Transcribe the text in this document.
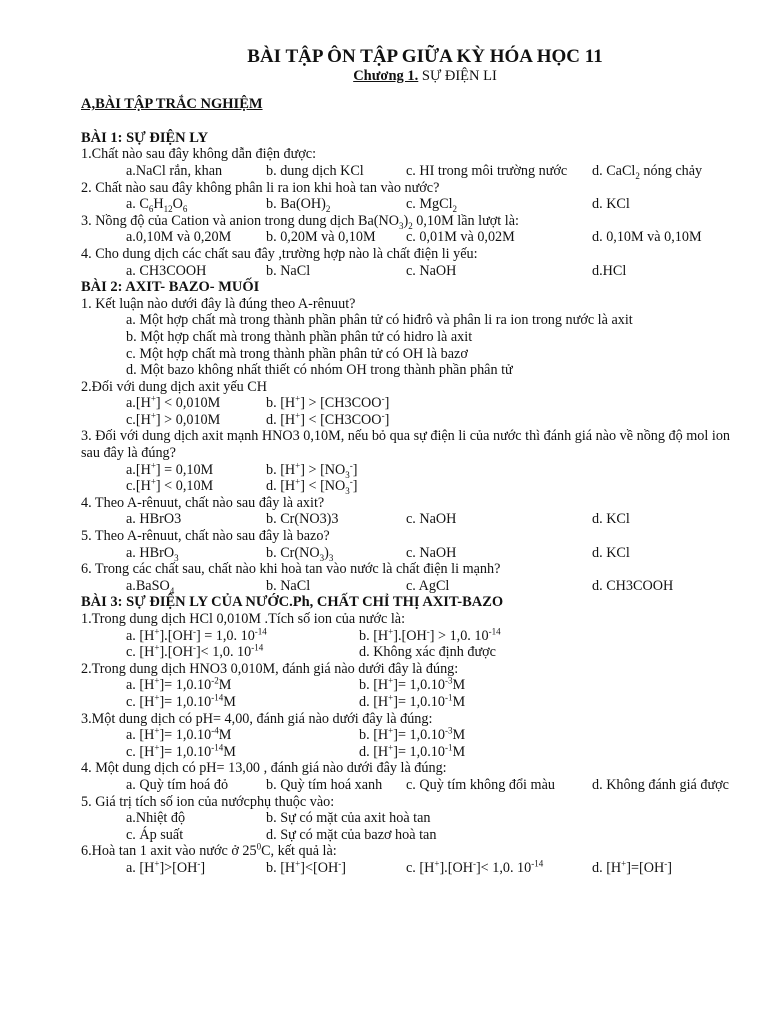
BÀI TẬP ÔN TẬP GIỮA KỲ HÓA HỌC 11
Chương 1. SỰ ĐIỆN LI
A,BÀI TẬP TRẮC NGHIỆM
BÀI 1: SỰ ĐIỆN LY
1.Chất nào sau đây không dẫn điện được:
a.NaCl rắn, khan	b. dung dịch KCl	c. HI trong môi trường nước	d. CaCl$_2$ nóng chảy
2. Chất nào sau đây không phân li ra ion khi hoà tan vào nước?
a. $C_6H_{12}O_6$	b. $Ba(OH)_2$	c. MgCl$_2$	d. KCl
3. Nồng độ của Cation và anion trong dung dịch $Ba(NO_3)_2$ 0,10M lần lượt là:
a.0,10M và 0,20M	b. 0,20M và 0,10M	c. 0,01M và 0,02M	d. 0,10M và 0,10M
4. Cho dung dịch các chất sau đây ,trường hợp nào là chất điện li yếu:
a. CH3COOH	b. NaCl	c. NaOH	d.HCl
BÀI 2: AXIT- BAZO- MUỐI
1. Kết luận nào dưới đây là đúng theo A-rênuut?
a. Một hợp chất mà trong thành phần phân tử có hiđrô và phân li ra ion trong nước là axit
b. Một hợp chất mà trong thành phần phân tử có hidro là axit
c. Một hợp chất mà trong thành phần phân tử có OH là bazơ
d. Một bazo không nhất thiết có nhóm OH trong thành phần phân tử
2.Đối với dung dịch axit yếu CH
a.[H+] < 0,010M	b. [H+] > [CH3COO-]
c.[H+] > 0,010M	d. [H+] < [CH3COO-]
3. Đối với dung dịch axit mạnh HNO3 0,10M, nếu bỏ qua sự điện li của nước thì đánh giá nào về nồng độ mol ion sau đây là đúng?
a.[H+] = 0,10M	b. $[H^+] > [NO_3^-]$
c.[H+] < 0,10M	d. $[H^+] < [NO_3^-]$
4. Theo A-rênuut, chất nào sau đây là axit?
a. HBrO3	b. Cr(NO3)3	c. NaOH	d. KCl
5. Theo A-rênuut, chất nào sau đây là bazo?
a. HBrO$_3$	b. $Cr(NO_3)_3$	c. NaOH	d. KCl
6. Trong các chất sau, chất nào khi hoà tan vào nước là chất điện li mạnh?
a.BaSO$_4$	b. NaCl	c. AgCl	d. CH3COOH
BÀI 3: SỰ ĐIỆN LY CỦA NƯỚC.Ph, CHẤT CHỈ THỊ AXIT-BAZO
1.Trong dung dịch HCl 0,010M .Tích số ion của nước là:
a. [H+].[OH-] = 1,0. $10^{-14}$	b. [H+].[OH-] > 1,0. $10^{-14}$
c. [H+].[OH-]< 1,0. $10^{-14}$	d. Không xác định được
2.Trong dung dịch HNO3 0,010M, đánh giá nào dưới đây là đúng:
a. $[H^+]= 1,0.10^{-2}M$	b. $[H^+]= 1,0.10^{-3}M$
c. $[H^+]= 1,0.10^{-14}M$	d. $[H^+]= 1,0.10^{-1}M$
3.Một dung dịch có pH= 4,00, đánh giá nào dưới đây là đúng:
a. $[H^+]= 1,0.10^{-4}M$	b. $[H^+]= 1,0.10^{-3}M$
c. $[H^+]= 1,0.10^{-14}M$	d. $[H^+]= 1,0.10^{-1}M$
4. Một dung dịch có pH= 13,00 , đánh giá nào dưới đây là đúng:
a. Quỳ tím hoá đỏ	b. Quỳ tím hoá xanh	c. Quỳ tím không đổi màu	d. Không đánh giá được
5. Giá trị tích số ion của nướcphụ thuộc vào:
a.Nhiệt độ	b. Sự có mặt của axit hoà tan
c. Áp suất	d. Sự có mặt của bazơ hoà tan
6.Hoà tan 1 axit vào nước ở $25^0C$, kết quả là:
a. [H+]>[OH-]	b. [H+]<[OH-]	c. [H+].[OH-]< 1,0. $10^{-14}$	d. [H+]=[OH-]
